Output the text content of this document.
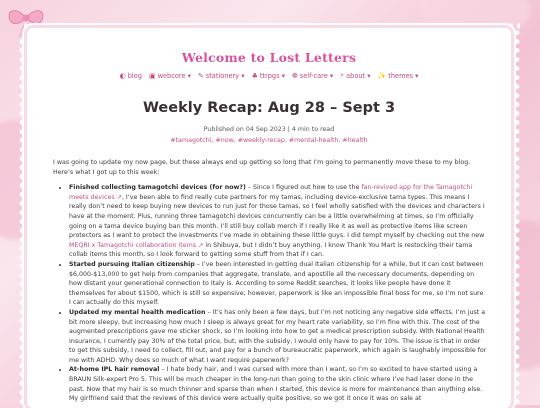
Welcome to Lost Letters
◐ blog ▣ webcore ▾ ✎ stationery ▾ ♣ ttrpgs ▾ ❁ self-care ▾ ⌕ about ▾ ✨ themes ▾
Weekly Recap: Aug 28 – Sept 3
Published on 04 Sep 2023 | 4 min to read
#tamagotchi, #now, #weekly-recap, #mental-health, #health

I was going to update my now page, but these always end up getting so long that I’m going to permanently move these to my blog. Here’s what I got up to this week:

• Finished collecting tamagotchi devices (for now?) – Since I figured out how to use the fan-revived app for the Tamagotchi meets devices ↗, I’ve been able to find really cute partners for my tamas, including device-exclusive tama types. This means I really don’t need to keep buying new devices to run just for those tamas, so I feel wholly satisfied with the devices and characters I have at the moment. Plus, running three tamagotchi devices concurrently can be a little overwhelming at times, so I’m officially going on a tama device buying ban this month. I’ll still buy collab merch if I really like it as well as protective items like screen protectors as I want to protect the investments I’ve made in obtaining these little guys. I did tempt myself by checking out the new MEQRI x Tamagotchi collaboration items ↗ in Shibuya, but I didn’t buy anything. I know Thank You Mart is restocking their tama collab items this month, so I look forward to getting some stuff from that if I can.
• Started pursuing Italian citizenship – I’ve been interested in getting dual Italian citizenship for a while, but it can cost between $6,000-$13,000 to get help from companies that aggregate, translate, and apostille all the necessary documents, depending on how distant your generational connection to Italy is. According to some Reddit searches, it looks like people have done it themselves for about $1500, which is still so expensive; however, paperwork is like an impossible final boss for me, so I’m not sure I can actually do this myself.
• Updated my mental health medication – It’s has only been a few days, but I’m not noticing any negative side effects. I’m just a bit more sleepy, but increasing how much I sleep is always great for my heart rate variability, so I’m fine with this. The cost of the augmented prescriptions gave me sticker shock, so I’m looking into how to get a medical prescription subsidy. With National Health Insurance, I currently pay 30% of the total price, but, with the subsidy, I would only have to pay for 10%. The issue is that in order to get this subsidy, I need to collect, fill out, and pay for a bunch of bureaucratic paperwork, which again is laughably impossible for me with ADHD. Why does so much of what I want require paperwork?
• At-home IPL hair removal – I hate body hair, and I was cursed with more than I want, so I’m so excited to have started using a BRAUN Silk-expert Pro 5. This will be much cheaper in the long-run than going to the skin clinic where I’ve had laser done in the past. Now that my hair is so much thinner and sparse than when I started, this device is more for maintenance than anything else. My girlfriend said that the reviews of this device were actually quite positive, so we got it once it was on sale at
